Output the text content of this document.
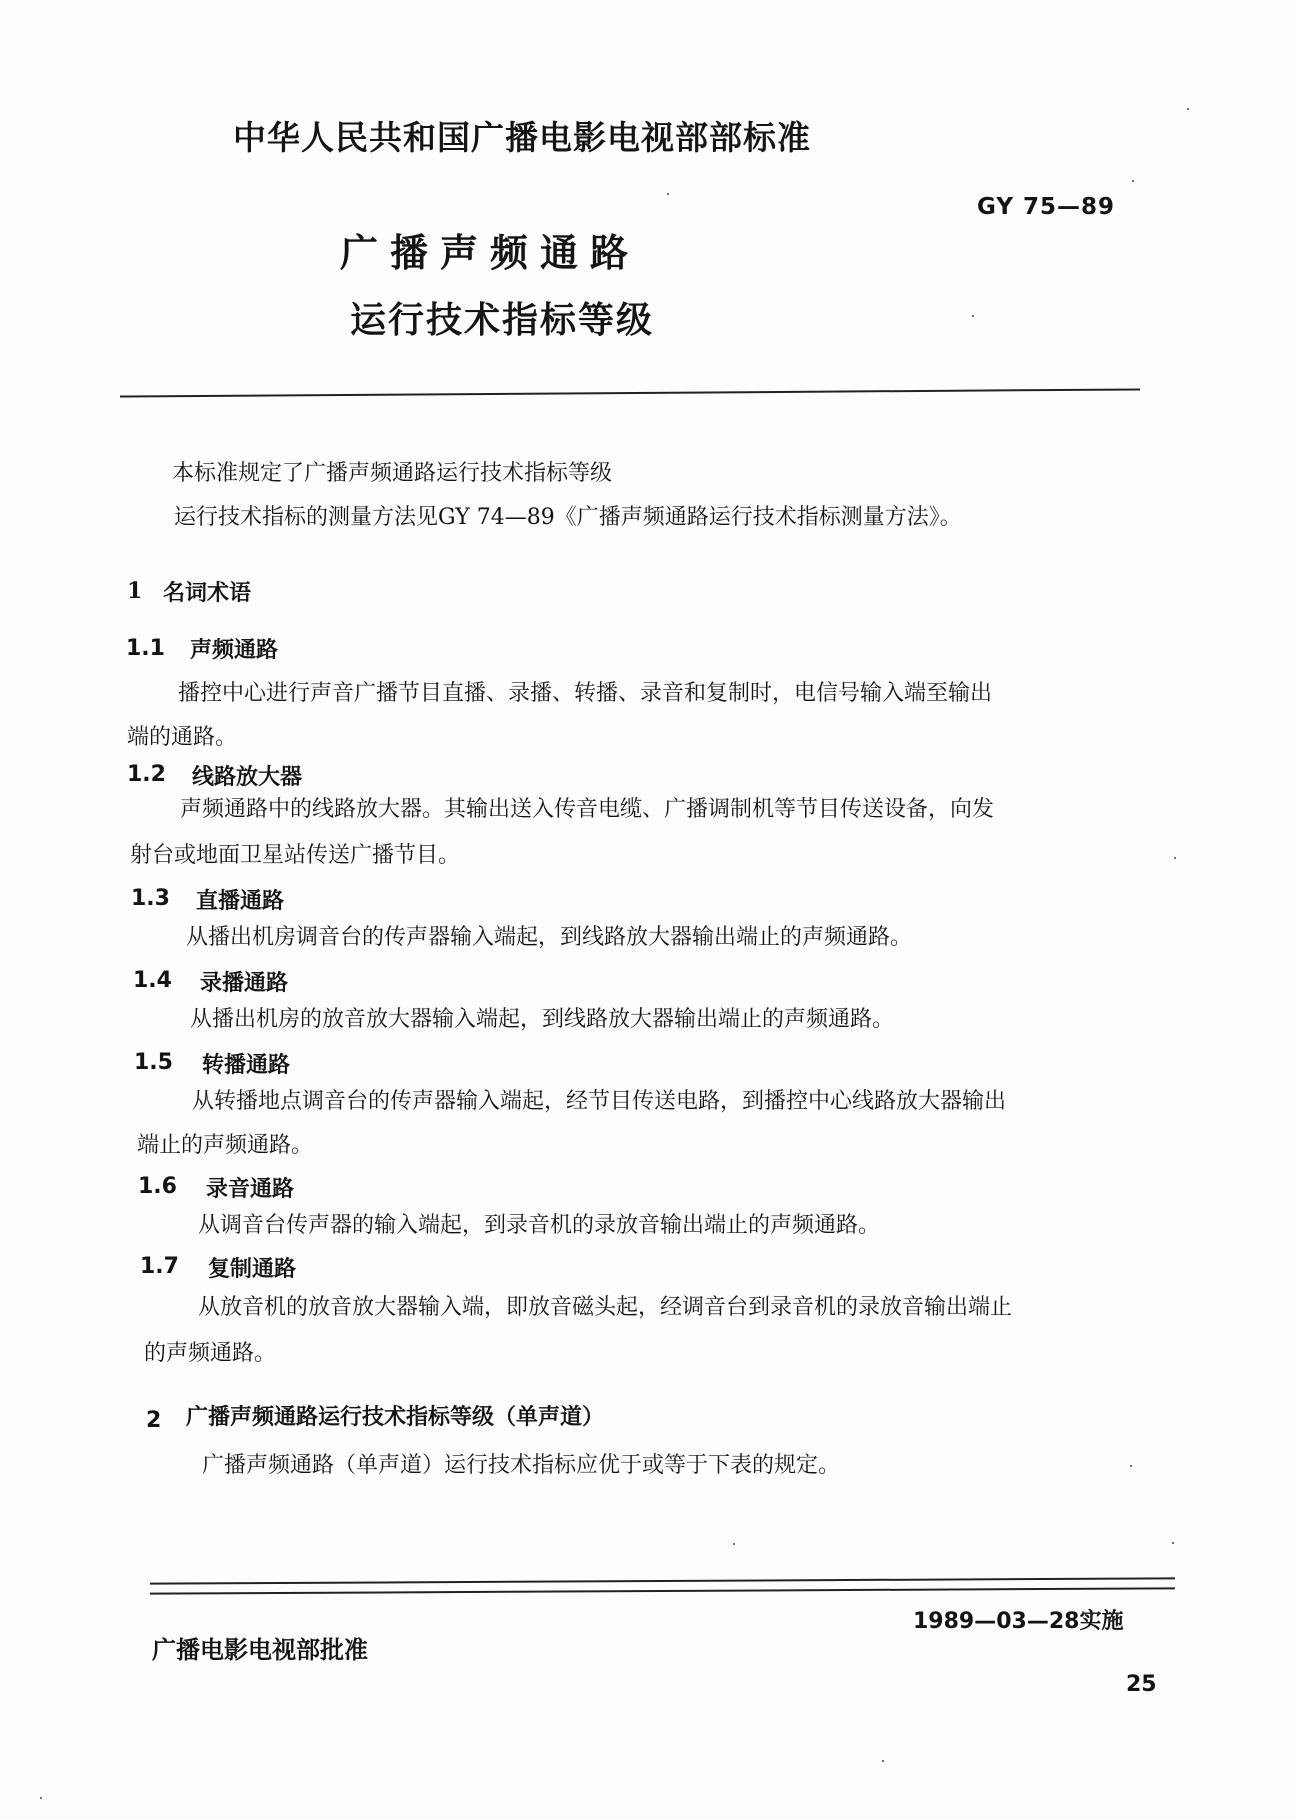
中华人民共和国广播电影电视部部标准
GY 75—89
广播声频通路
运行技术指标等级
本标准规定了广播声频通路运行技术指标等级
运行技术指标的测量方法见GY 74—89《广播声频通路运行技术指标测量方法》。
1 名词术语
1.1 声频通路
播控中心进行声音广播节目直播、录播、转播、录音和复制时，电信号输入端至输出
端的通路。
1.2 线路放大器
声频通路中的线路放大器。其输出送入传音电缆、广播调制机等节目传送设备，向发
射台或地面卫星站传送广播节目。
1.3 直播通路
从播出机房调音台的传声器输入端起，到线路放大器输出端止的声频通路。
1.4 录播通路
从播出机房的放音放大器输入端起，到线路放大器输出端止的声频通路。
1.5 转播通路
从转播地点调音台的传声器输入端起，经节目传送电路，到播控中心线路放大器输出
端止的声频通路。
1.6 录音通路
从调音台传声器的输入端起，到录音机的录放音输出端止的声频通路。
1.7 复制通路
从放音机的放音放大器输入端，即放音磁头起，经调音台到录音机的录放音输出端止
的声频通路。
2 广播声频通路运行技术指标等级（单声道）
广播声频通路（单声道）运行技术指标应优于或等于下表的规定。
广播电影电视部批准
1989—03—28实施
25
